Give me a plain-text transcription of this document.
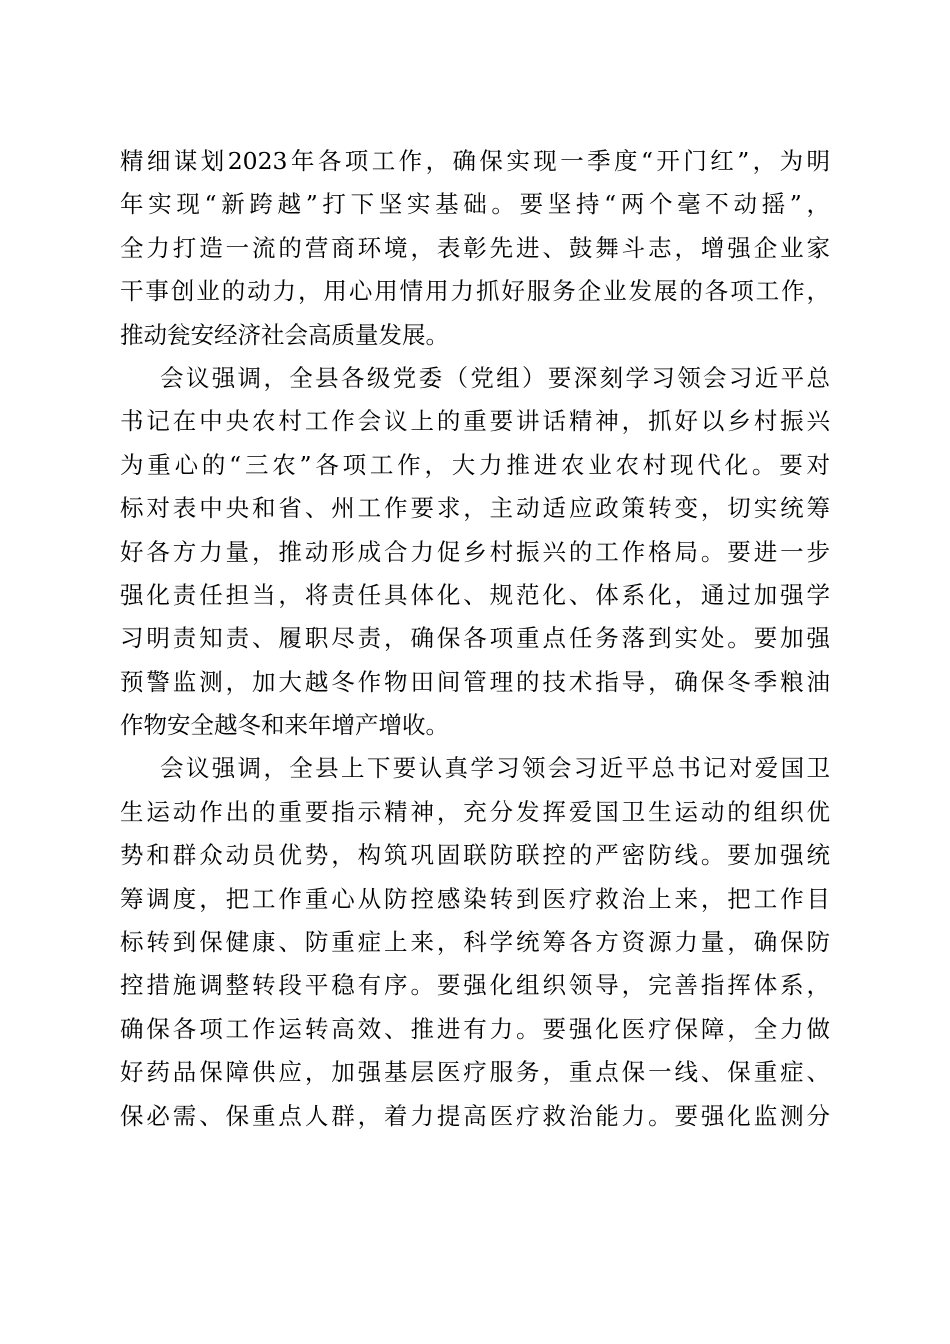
精细谋划2023年各项工作，确保实现一季度“开门红”，为明
年实现“新跨越”打下坚实基础。要坚持“两个毫不动摇”，
全力打造一流的营商环境，表彰先进、鼓舞斗志，增强企业家
干事创业的动力，用心用情用力抓好服务企业发展的各项工作，
推动瓮安经济社会高质量发展。
会议强调，全县各级党委（党组）要深刻学习领会习近平总
书记在中央农村工作会议上的重要讲话精神，抓好以乡村振兴
为重心的“三农”各项工作，大力推进农业农村现代化。要对
标对表中央和省、州工作要求，主动适应政策转变，切实统筹
好各方力量，推动形成合力促乡村振兴的工作格局。要进一步
强化责任担当，将责任具体化、规范化、体系化，通过加强学
习明责知责、履职尽责，确保各项重点任务落到实处。要加强
预警监测，加大越冬作物田间管理的技术指导，确保冬季粮油
作物安全越冬和来年增产增收。
会议强调，全县上下要认真学习领会习近平总书记对爱国卫
生运动作出的重要指示精神，充分发挥爱国卫生运动的组织优
势和群众动员优势，构筑巩固联防联控的严密防线。要加强统
筹调度，把工作重心从防控感染转到医疗救治上来，把工作目
标转到保健康、防重症上来，科学统筹各方资源力量，确保防
控措施调整转段平稳有序。要强化组织领导，完善指挥体系，
确保各项工作运转高效、推进有力。要强化医疗保障，全力做
好药品保障供应，加强基层医疗服务，重点保一线、保重症、
保必需、保重点人群，着力提高医疗救治能力。要强化监测分
